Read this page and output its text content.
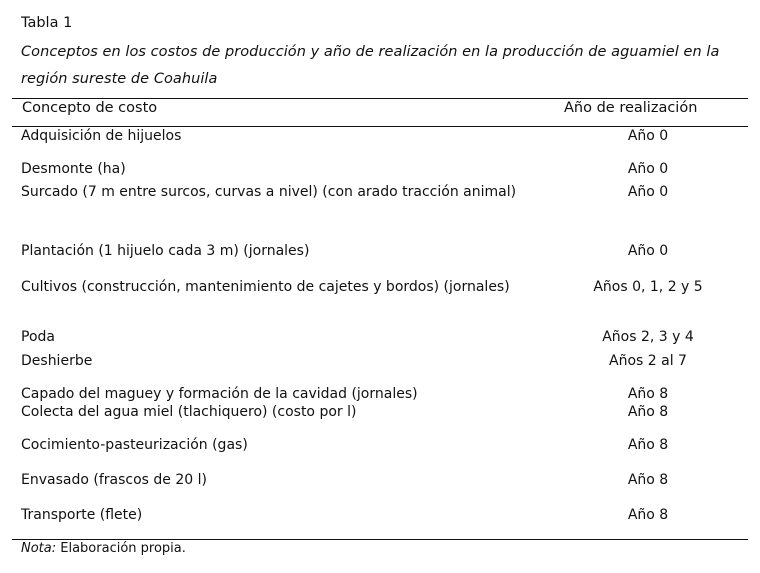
Tabla 1
Conceptos en los costos de producción y año de realización en la producción de aguamiel en la
región sureste de Coahuila
Concepto de costo	Año de realización
Adquisición de hijuelos	Año 0
Desmonte (ha)	Año 0
Surcado (7 m entre surcos, curvas a nivel) (con arado tracción animal)	Año 0
Plantación (1 hijuelo cada 3 m) (jornales)	Año 0
Cultivos (construcción, mantenimiento de cajetes y bordos) (jornales)	Años 0, 1, 2 y 5
Poda	Años 2, 3 y 4
Deshierbe	Años 2 al 7
Capado del maguey y formación de la cavidad (jornales)	Año 8
Colecta del agua miel (tlachiquero) (costo por l)	Año 8
Cocimiento-pasteurización (gas)	Año 8
Envasado (frascos de 20 l)	Año 8
Transporte (flete)	Año 8
Nota: Elaboración propia.
